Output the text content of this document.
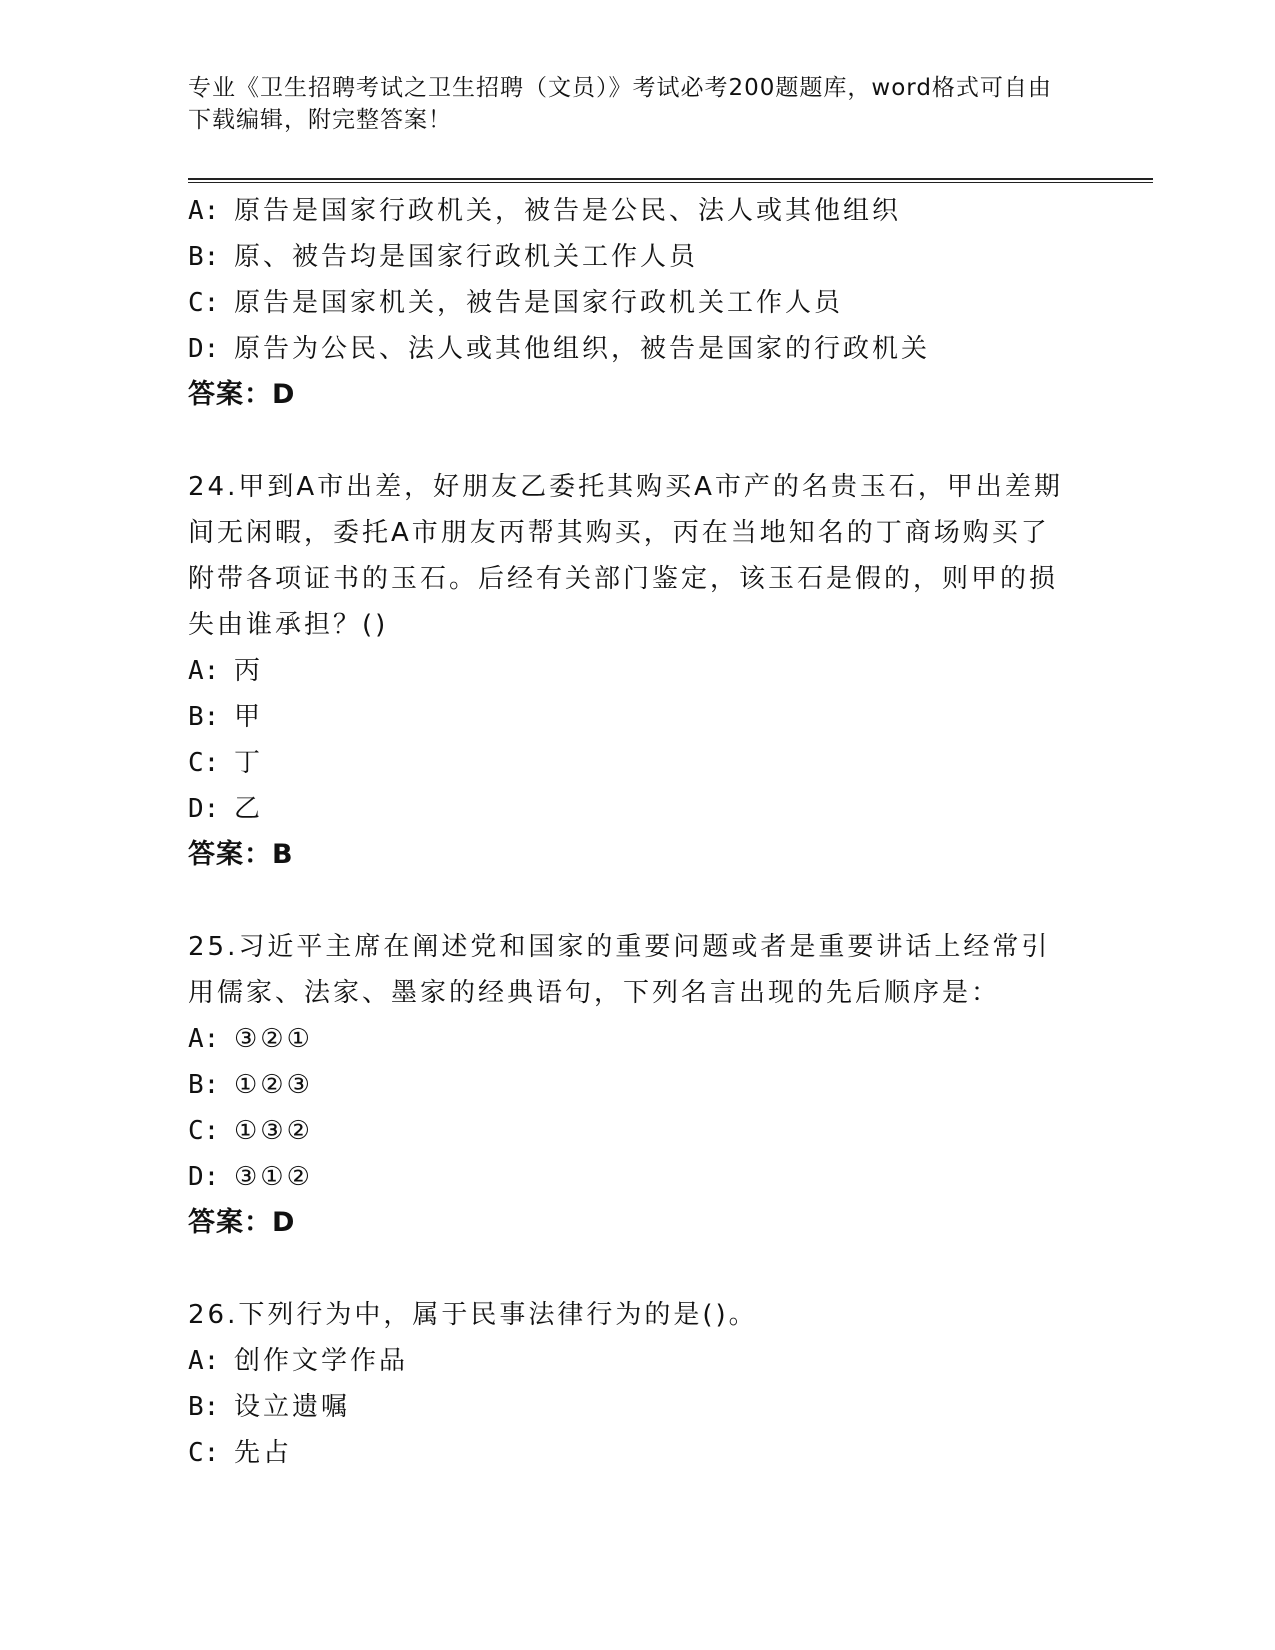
专业《卫生招聘考试之卫生招聘（文员）》考试必考200题题库，word格式可自由下载编辑，附完整答案！
A: 原告是国家行政机关，被告是公民、法人或其他组织
B: 原、被告均是国家行政机关工作人员
C: 原告是国家机关，被告是国家行政机关工作人员
D: 原告为公民、法人或其他组织，被告是国家的行政机关
答案：D
24.甲到A市出差，好朋友乙委托其购买A市产的名贵玉石，甲出差期间无闲暇，委托A市朋友丙帮其购买，丙在当地知名的丁商场购买了附带各项证书的玉石。后经有关部门鉴定，该玉石是假的，则甲的损失由谁承担？()
A: 丙
B: 甲
C: 丁
D: 乙
答案：B
25.习近平主席在阐述党和国家的重要问题或者是重要讲话上经常引用儒家、法家、墨家的经典语句，下列名言出现的先后顺序是：
A: ③②①
B: ①②③
C: ①③②
D: ③①②
答案：D
26.下列行为中，属于民事法律行为的是()。
A: 创作文学作品
B: 设立遗嘱
C: 先占
